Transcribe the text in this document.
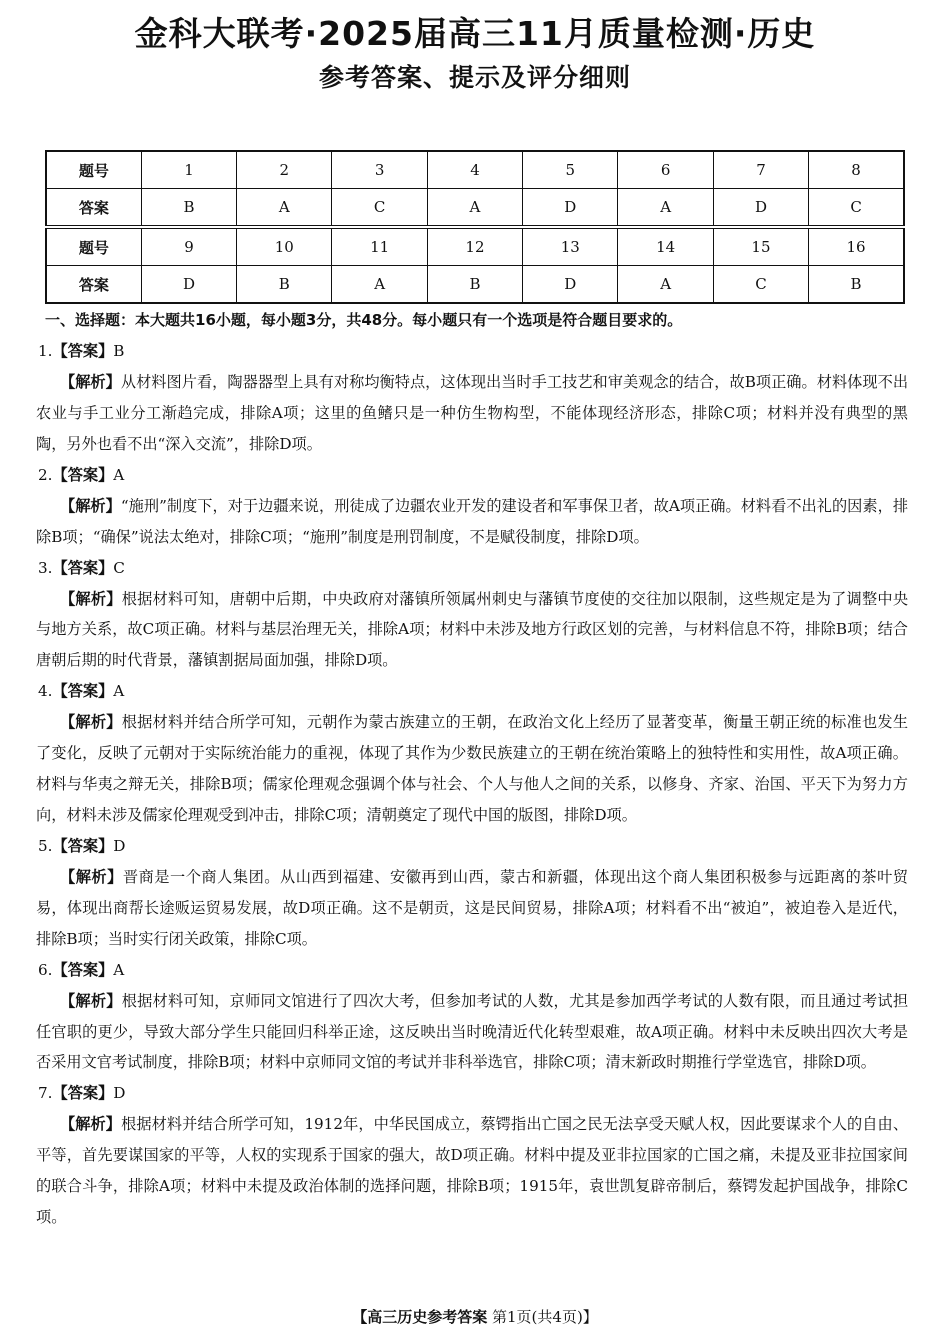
金科大联考·2025届高三11月质量检测·历史
参考答案、提示及评分细则
题号	1	2	3	4	5	6	7	8
答案	B	A	C	A	D	A	D	C
题号	9	10	11	12	13	14	15	16
答案	D	B	A	B	D	A	C	B
一、选择题：本大题共16小题，每小题3分，共48分。每小题只有一个选项是符合题目要求的。
1.【答案】B
【解析】从材料图片看，陶器器型上具有对称均衡特点，这体现出当时手工技艺和审美观念的结合，故B项正确。材料体现不出农业与手工业分工渐趋完成，排除A项；这里的鱼鳍只是一种仿生物构型，不能体现经济形态，排除C项；材料并没有典型的黑陶，另外也看不出“深入交流”，排除D项。
2.【答案】A
【解析】“施刑”制度下，对于边疆来说，刑徒成了边疆农业开发的建设者和军事保卫者，故A项正确。材料看不出礼的因素，排除B项；“确保”说法太绝对，排除C项；“施刑”制度是刑罚制度，不是赋役制度，排除D项。
3.【答案】C
【解析】根据材料可知，唐朝中后期，中央政府对藩镇所领属州刺史与藩镇节度使的交往加以限制，这些规定是为了调整中央与地方关系，故C项正确。材料与基层治理无关，排除A项；材料中未涉及地方行政区划的完善，与材料信息不符，排除B项；结合唐朝后期的时代背景，藩镇割据局面加强，排除D项。
4.【答案】A
【解析】根据材料并结合所学可知，元朝作为蒙古族建立的王朝，在政治文化上经历了显著变革，衡量王朝正统的标准也发生了变化，反映了元朝对于实际统治能力的重视，体现了其作为少数民族建立的王朝在统治策略上的独特性和实用性，故A项正确。材料与华夷之辩无关，排除B项；儒家伦理观念强调个体与社会、个人与他人之间的关系，以修身、齐家、治国、平天下为努力方向，材料未涉及儒家伦理观受到冲击，排除C项；清朝奠定了现代中国的版图，排除D项。
5.【答案】D
【解析】晋商是一个商人集团。从山西到福建、安徽再到山西，蒙古和新疆，体现出这个商人集团积极参与远距离的茶叶贸易，体现出商帮长途贩运贸易发展，故D项正确。这不是朝贡，这是民间贸易，排除A项；材料看不出“被迫”，被迫卷入是近代，排除B项；当时实行闭关政策，排除C项。
6.【答案】A
【解析】根据材料可知，京师同文馆进行了四次大考，但参加考试的人数，尤其是参加西学考试的人数有限，而且通过考试担任官职的更少，导致大部分学生只能回归科举正途，这反映出当时晚清近代化转型艰难，故A项正确。材料中未反映出四次大考是否采用文官考试制度，排除B项；材料中京师同文馆的考试并非科举选官，排除C项；清末新政时期推行学堂选官，排除D项。
7.【答案】D
【解析】根据材料并结合所学可知，1912年，中华民国成立，蔡锷指出亡国之民无法享受天赋人权，因此要谋求个人的自由、平等，首先要谋国家的平等，人权的实现系于国家的强大，故D项正确。材料中提及亚非拉国家的亡国之痛，未提及亚非拉国家间的联合斗争，排除A项；材料中未提及政治体制的选择问题，排除B项；1915年，袁世凯复辟帝制后，蔡锷发起护国战争，排除C项。
【高三历史参考答案 第1页(共4页)】
